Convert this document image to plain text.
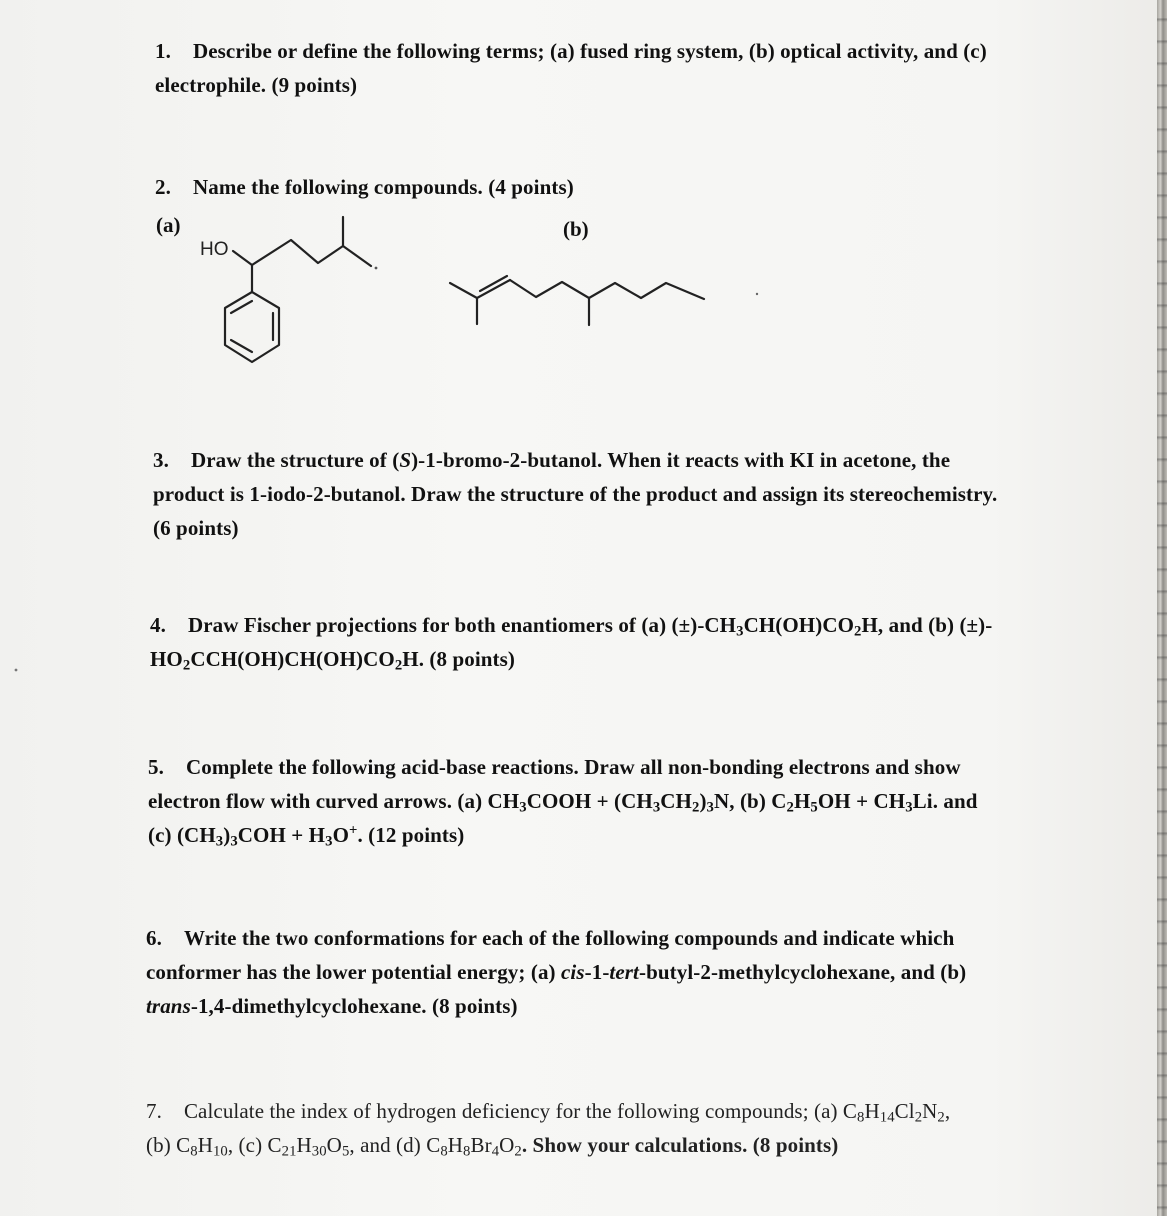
1. Describe or define the following terms; (a) fused ring system, (b) optical activity, and (c)
electrophile. (9 points)
2. Name the following compounds. (4 points)
(a)	(b)
HO
3. Draw the structure of (S)-1-bromo-2-butanol. When it reacts with KI in acetone, the
product is 1-iodo-2-butanol. Draw the structure of the product and assign its stereochemistry.
(6 points)
4. Draw Fischer projections for both enantiomers of (a) $(\pm)-CH_3CH(OH)CO_2H$, and (b) (±)-
$HO_2CCH(OH)CH(OH)CO_2H$. (8 points)
5. Complete the following acid-base reactions. Draw all non-bonding electrons and show
electron flow with curved arrows. (a) $CH_3COOH + (CH_3CH_2)_3N$, (b) $C_2H_5OH + CH_3Li$. and
(c) $(CH_3)_3COH + H_3O^+$. (12 points)
6. Write the two conformations for each of the following compounds and indicate which
conformer has the lower potential energy; (a) cis-1-tert-butyl-2-methylcyclohexane, and (b)
trans-1,4-dimethylcyclohexane. (8 points)
7. Calculate the index of hydrogen deficiency for the following compounds; (a) $C_8H_{14}Cl_2N_2$,
(b) $C_8H_{10}$, (c) $C_{21}H_{30}O_5$, and (d) $C_8H_8Br_4O_2$. Show your calculations. (8 points)
